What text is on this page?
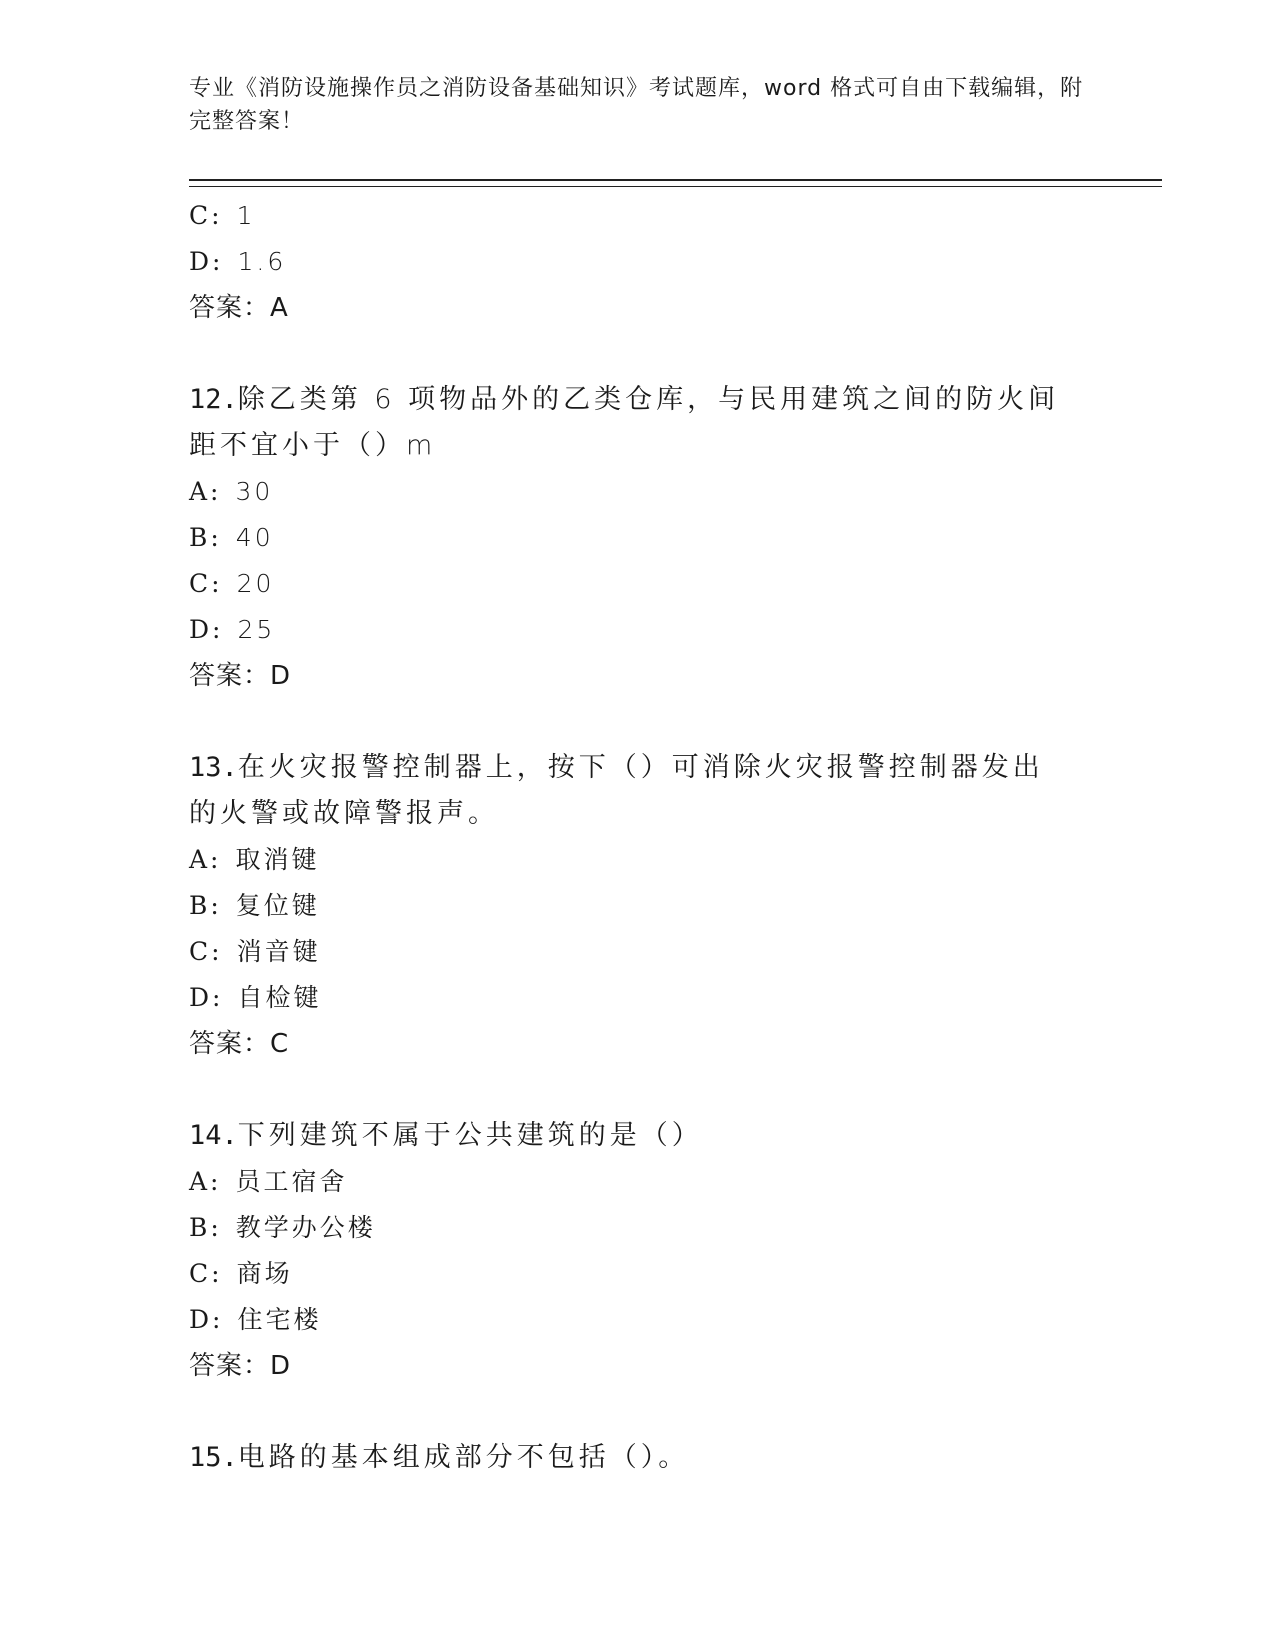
专业《消防设施操作员之消防设备基础知识》考试题库，word 格式可自由下载编辑，附完整答案！
C: 1
D: 1.6
答案：A
12.除乙类第 6 项物品外的乙类仓库，与民用建筑之间的防火间距不宜小于（）m
A: 30
B: 40
C: 20
D: 25
答案：D
13.在火灾报警控制器上，按下（）可消除火灾报警控制器发出的火警或故障警报声。
A: 取消键
B: 复位键
C: 消音键
D: 自检键
答案：C
14.下列建筑不属于公共建筑的是（）
A: 员工宿舍
B: 教学办公楼
C: 商场
D: 住宅楼
答案：D
15.电路的基本组成部分不包括（）。
